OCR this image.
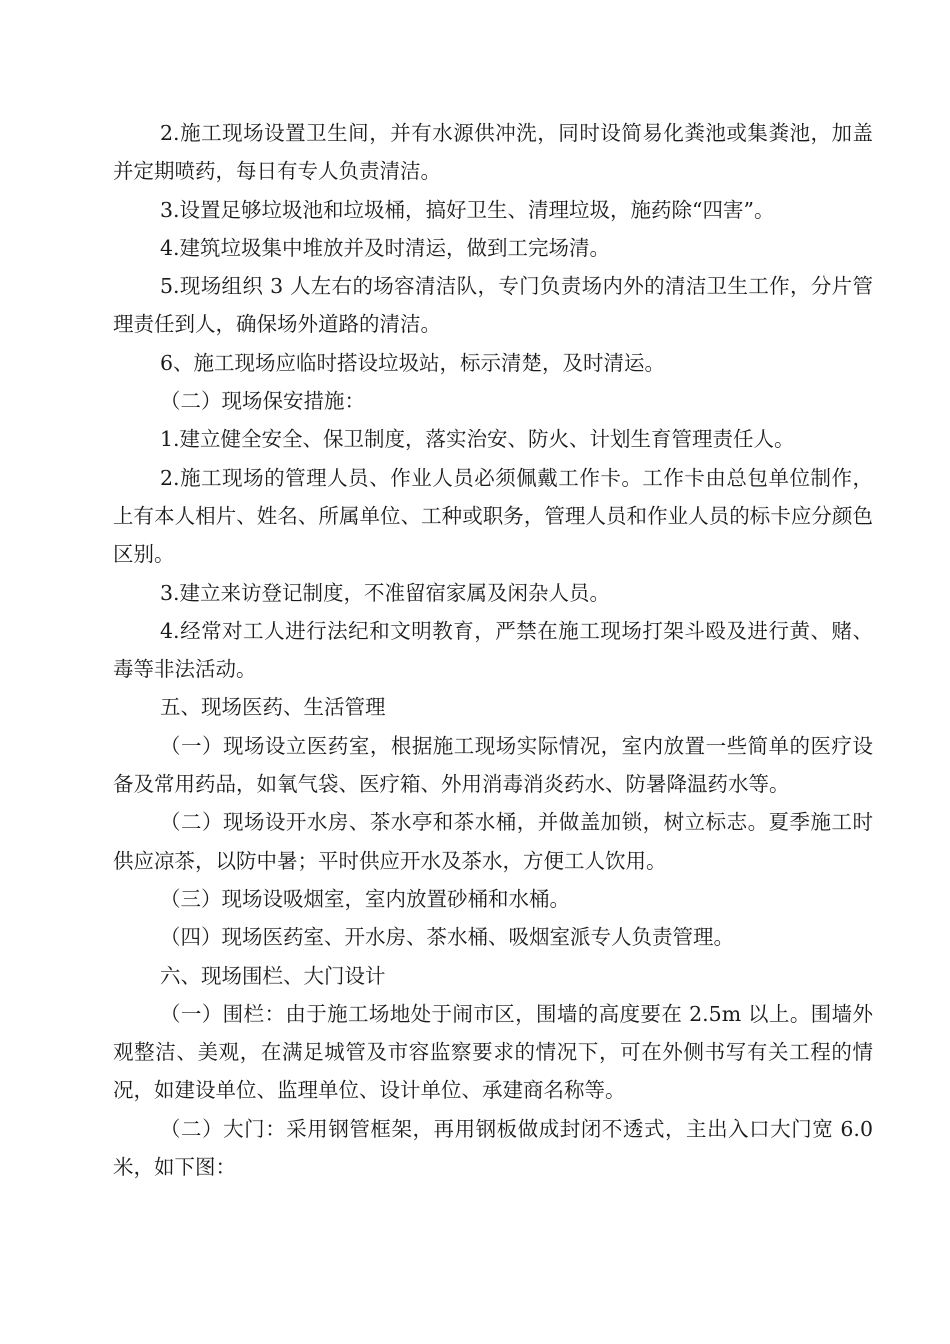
2.施工现场设置卫生间，并有水源供冲洗，同时设简易化粪池或集粪池，加盖并定期喷药，每日有专人负责清洁。

3.设置足够垃圾池和垃圾桶，搞好卫生、清理垃圾，施药除“四害”。

4.建筑垃圾集中堆放并及时清运，做到工完场清。

5.现场组织 3 人左右的场容清洁队，专门负责场内外的清洁卫生工作，分片管理责任到人，确保场外道路的清洁。

6、施工现场应临时搭设垃圾站，标示清楚，及时清运。

（二）现场保安措施：

1.建立健全安全、保卫制度，落实治安、防火、计划生育管理责任人。

2.施工现场的管理人员、作业人员必须佩戴工作卡。工作卡由总包单位制作，上有本人相片、姓名、所属单位、工种或职务，管理人员和作业人员的标卡应分颜色区别。

3.建立来访登记制度，不准留宿家属及闲杂人员。

4.经常对工人进行法纪和文明教育，严禁在施工现场打架斗殴及进行黄、赌、毒等非法活动。

五、现场医药、生活管理

（一）现场设立医药室，根据施工现场实际情况，室内放置一些简单的医疗设备及常用药品，如氧气袋、医疗箱、外用消毒消炎药水、防暑降温药水等。

（二）现场设开水房、茶水亭和茶水桶，并做盖加锁，树立标志。夏季施工时供应凉茶，以防中暑；平时供应开水及茶水，方便工人饮用。

（三）现场设吸烟室，室内放置砂桶和水桶。

（四）现场医药室、开水房、茶水桶、吸烟室派专人负责管理。

六、现场围栏、大门设计

（一）围栏：由于施工场地处于闹市区，围墙的高度要在 2.5m 以上。围墙外观整洁、美观，在满足城管及市容监察要求的情况下，可在外侧书写有关工程的情况，如建设单位、监理单位、设计单位、承建商名称等。

（二）大门：采用钢管框架，再用钢板做成封闭不透式，主出入口大门宽 6.0 米，如下图：
